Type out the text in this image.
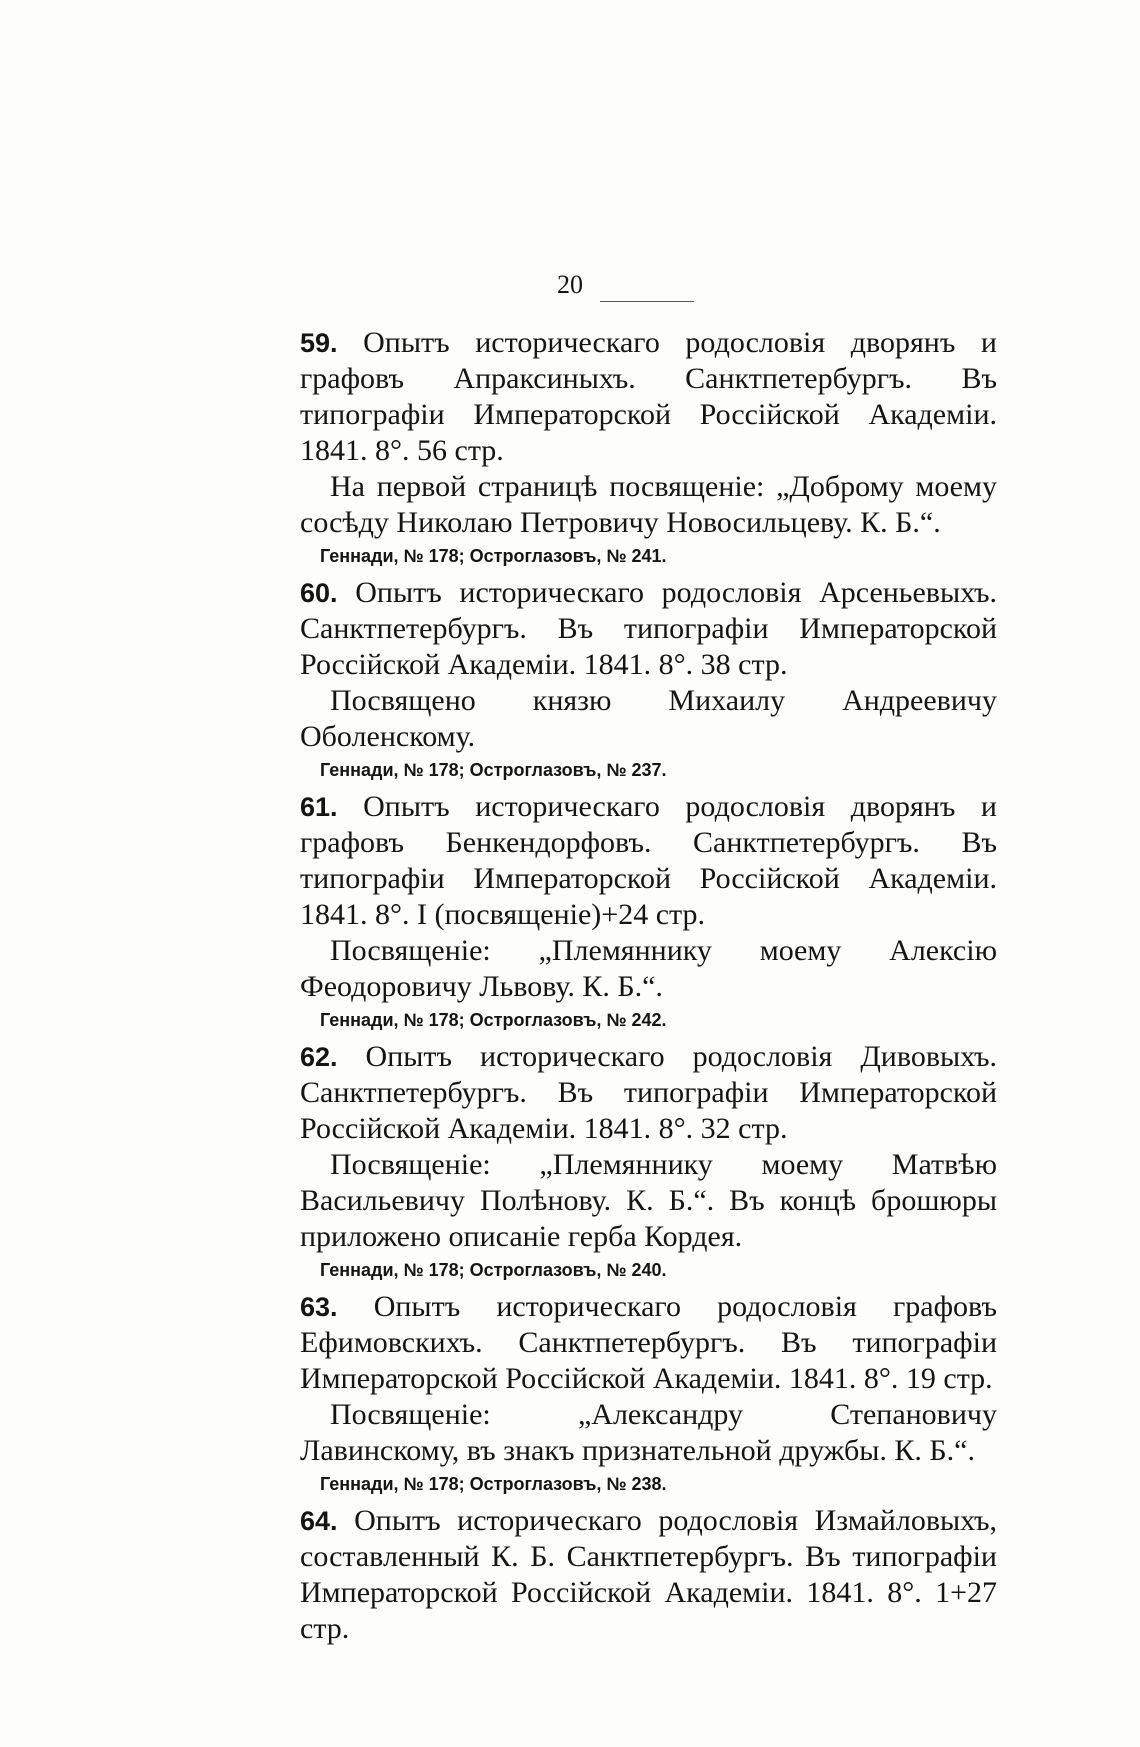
20

59. Опытъ историческаго родословія дворянъ и графовъ Апраксиныхъ. Санктпетербургъ. Въ типографіи Императорской Россійской Академіи. 1841. 8°. 56 стр.

На первой страницѣ посвященіе: „Доброму моему сосѣду Николаю Петровичу Новосильцеву. К. Б.“.

Геннади, № 178; Остроглазовъ, № 241.

60. Опытъ историческаго родословія Арсеньевыхъ. Санктпетербургъ. Въ типографіи Императорской Россійской Академіи. 1841. 8°. 38 стр.

Посвящено князю Михаилу Андреевичу Оболенскому.

Геннади, № 178; Остроглазовъ, № 237.

61. Опытъ историческаго родословія дворянъ и графовъ Бенкендорфовъ. Санктпетербургъ. Въ типографіи Императорской Россійской Академіи. 1841. 8°. I (посвященіе)+24 стр.

Посвященіе: „Племяннику моему Алексію Феодоровичу Львову. К. Б.“.

Геннади, № 178; Остроглазовъ, № 242.

62. Опытъ историческаго родословія Дивовыхъ. Санктпетербургъ. Въ типографіи Императорской Россійской Академіи. 1841. 8°. 32 стр.

Посвященіе: „Племяннику моему Матвѣю Васильевичу Полѣнову. К. Б.“. Въ концѣ брошюры приложено описаніе герба Кордея.

Геннади, № 178; Остроглазовъ, № 240.

63. Опытъ историческаго родословія графовъ Ефимовскихъ. Санктпетербургъ. Въ типографіи Императорской Россійской Академіи. 1841. 8°. 19 стр.

Посвященіе: „Александру Степановичу Лавинскому, въ знакъ признательной дружбы. К. Б.“.

Геннади, № 178; Остроглазовъ, № 238.

64. Опытъ историческаго родословія Измайловыхъ, составленный К. Б. Санктпетербургъ. Въ типографіи Императорской Россійской Академіи. 1841. 8°. 1+27 стр.
